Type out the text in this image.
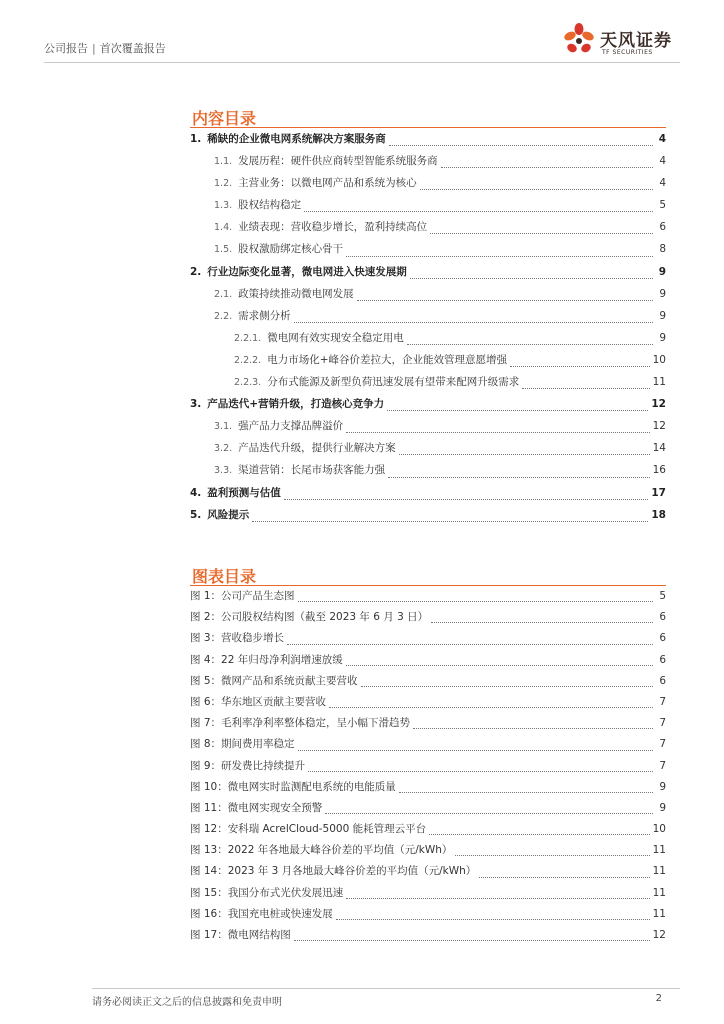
公司报告 | 首次覆盖报告	天风证券
TF SECURITIES
内容目录
1. 稀缺的企业微电网系统解决方案服务商	4
1.1. 发展历程：硬件供应商转型智能系统服务商	4
1.2. 主营业务：以微电网产品和系统为核心	4
1.3. 股权结构稳定	5
1.4. 业绩表现：营收稳步增长，盈利持续高位	6
1.5. 股权激励绑定核心骨干	8
2. 行业边际变化显著，微电网进入快速发展期	9
2.1. 政策持续推动微电网发展	9
2.2. 需求侧分析	9
2.2.1. 微电网有效实现安全稳定用电	9
2.2.2. 电力市场化+峰谷价差拉大，企业能效管理意愿增强	10
2.2.3. 分布式能源及新型负荷迅速发展有望带来配网升级需求	11
3. 产品迭代+营销升级，打造核心竞争力	12
3.1. 强产品力支撑品牌溢价	12
3.2. 产品迭代升级，提供行业解决方案	14
3.3. 渠道营销：长尾市场获客能力强	16
4. 盈利预测与估值	17
5. 风险提示	18
图表目录
图 1： 公司产品生态图	5
图 2： 公司股权结构图（截至 2023 年 6 月 3 日）	6
图 3： 营收稳步增长	6
图 4： 22 年归母净利润增速放缓	6
图 5： 微网产品和系统贡献主要营收	6
图 6： 华东地区贡献主要营收	7
图 7： 毛利率净利率整体稳定，呈小幅下滑趋势	7
图 8： 期间费用率稳定	7
图 9： 研发费比持续提升	7
图 10： 微电网实时监测配电系统的电能质量	9
图 11： 微电网实现安全预警	9
图 12： 安科瑞 AcrelCloud-5000 能耗管理云平台	10
图 13： 2022 年各地最大峰谷价差的平均值（元/kWh）	11
图 14： 2023 年 3 月各地最大峰谷价差的平均值（元/kWh）	11
图 15： 我国分布式光伏发展迅速	11
图 16： 我国充电桩或快速发展	11
图 17： 微电网结构图	12
请务必阅读正文之后的信息披露和免责申明	2
